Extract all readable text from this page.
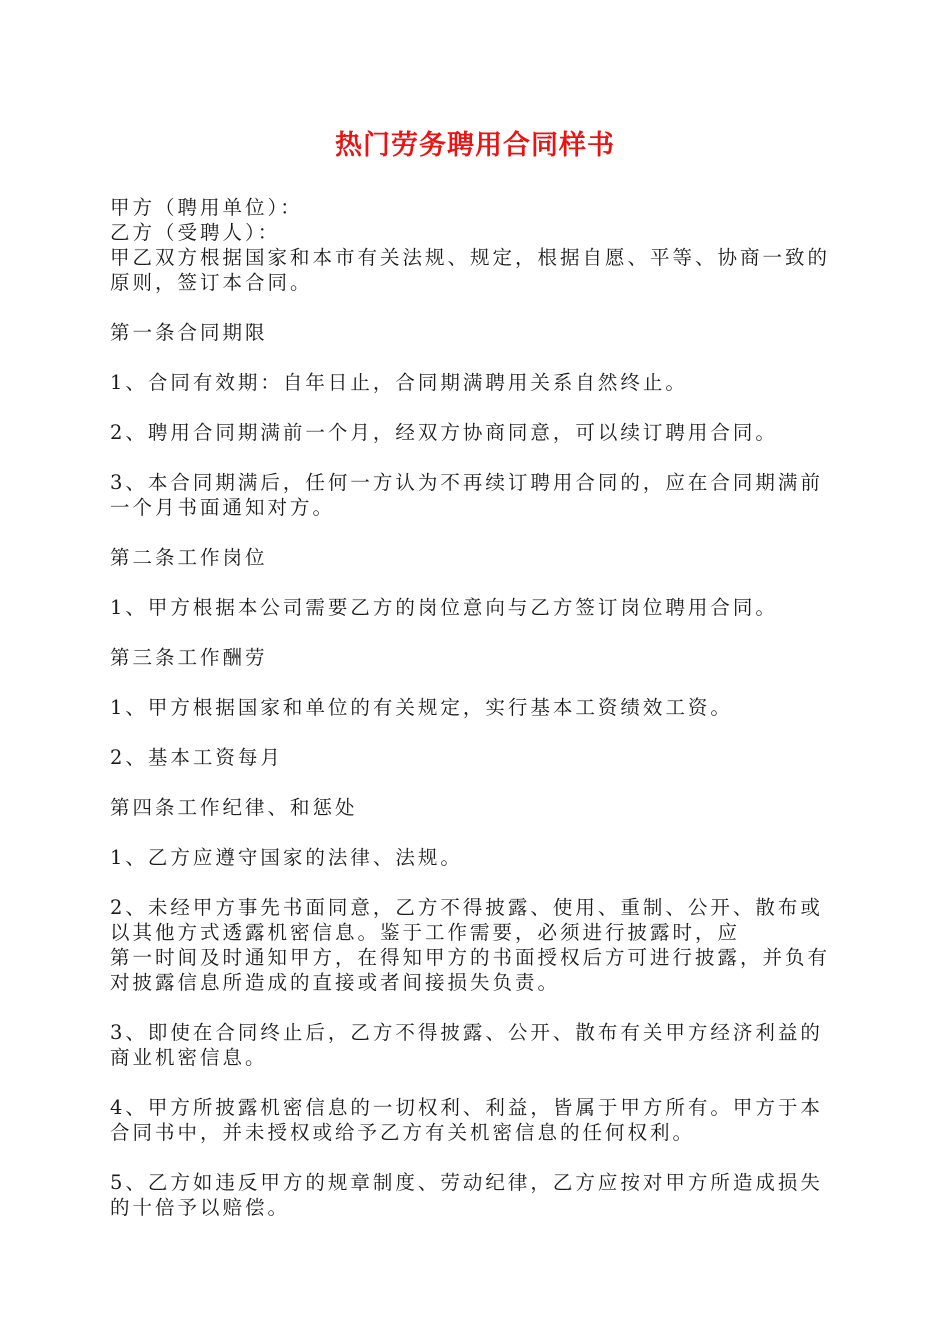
热门劳务聘用合同样书

甲方（聘用单位）：

乙方（受聘人）：

甲乙双方根据国家和本市有关法规、规定，根据自愿、平等、协商一致的原则，签订本合同。

第一条合同期限

1、合同有效期：自年日止，合同期满聘用关系自然终止。

2、聘用合同期满前一个月，经双方协商同意，可以续订聘用合同。

3、本合同期满后，任何一方认为不再续订聘用合同的，应在合同期满前一个月书面通知对方。

第二条工作岗位

1、甲方根据本公司需要乙方的岗位意向与乙方签订岗位聘用合同。

第三条工作酬劳

1、甲方根据国家和单位的有关规定，实行基本工资绩效工资。

2、基本工资每月

第四条工作纪律、和惩处

1、乙方应遵守国家的法律、法规。

2、未经甲方事先书面同意，乙方不得披露、使用、重制、公开、散布或以其他方式透露机密信息。鉴于工作需要，必须进行披露时，应

第一时间及时通知甲方，在得知甲方的书面授权后方可进行披露，并负有对披露信息所造成的直接或者间接损失负责。

3、即使在合同终止后，乙方不得披露、公开、散布有关甲方经济利益的商业机密信息。

4、甲方所披露机密信息的一切权利、利益，皆属于甲方所有。甲方于本合同书中，并未授权或给予乙方有关机密信息的任何权利。

5、乙方如违反甲方的规章制度、劳动纪律，乙方应按对甲方所造成损失的十倍予以赔偿。
